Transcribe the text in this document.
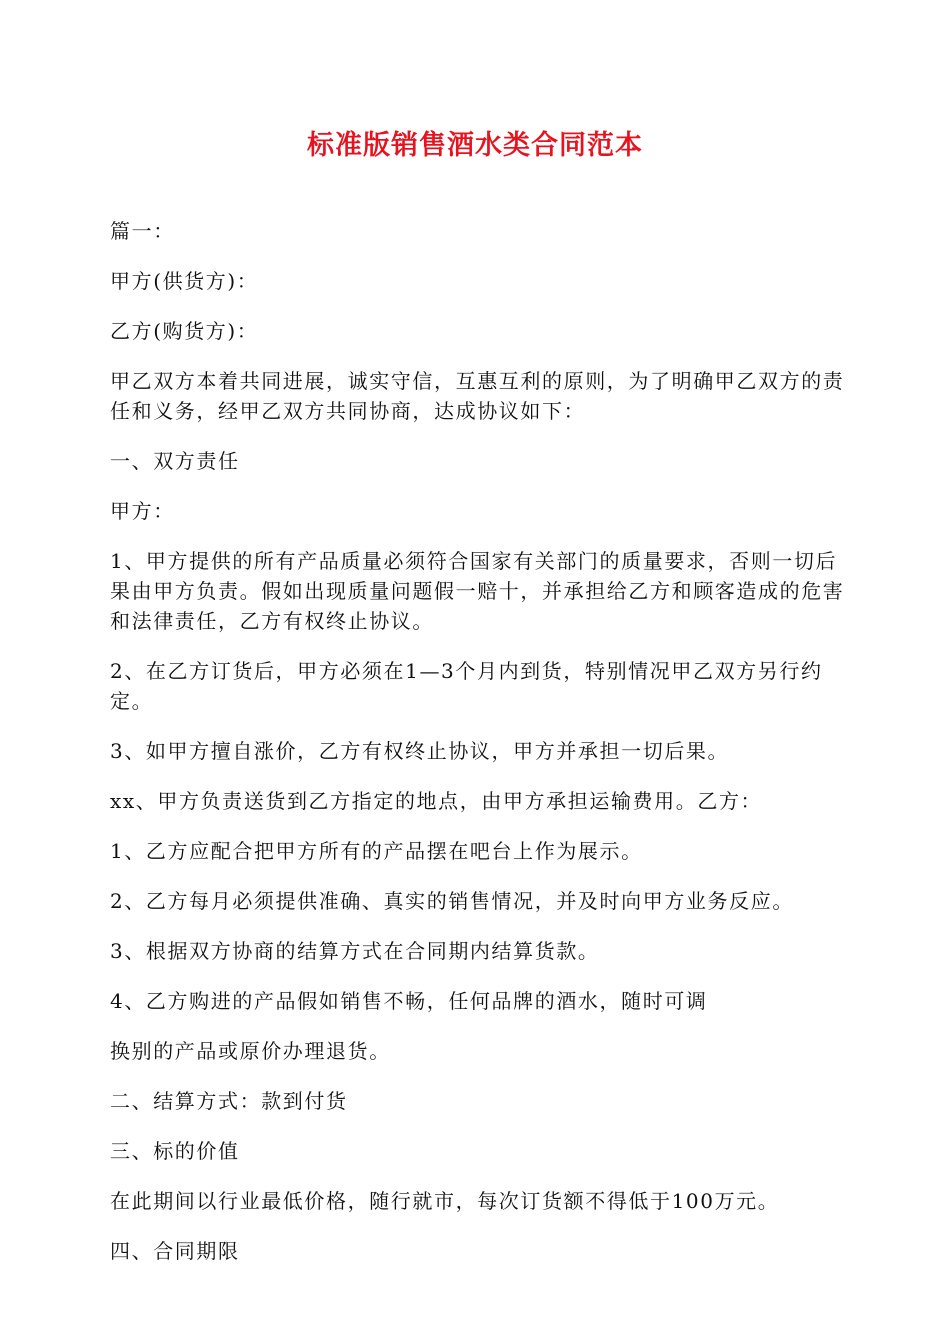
标准版销售酒水类合同范本

篇一：

甲方(供货方)：

乙方(购货方)：

甲乙双方本着共同进展，诚实守信，互惠互利的原则，为了明确甲乙双方的责任和义务，经甲乙双方共同协商，达成协议如下：

一、双方责任

甲方：

1、甲方提供的所有产品质量必须符合国家有关部门的质量要求，否则一切后果由甲方负责。假如出现质量问题假一赔十，并承担给乙方和顾客造成的危害和法律责任，乙方有权终止协议。

2、在乙方订货后，甲方必须在1—3个月内到货，特别情况甲乙双方另行约定。

3、如甲方擅自涨价，乙方有权终止协议，甲方并承担一切后果。

xx、甲方负责送货到乙方指定的地点，由甲方承担运输费用。乙方：

1、乙方应配合把甲方所有的产品摆在吧台上作为展示。

2、乙方每月必须提供准确、真实的销售情况，并及时向甲方业务反应。

3、根据双方协商的结算方式在合同期内结算货款。

4、乙方购进的产品假如销售不畅，任何品牌的酒水，随时可调

换别的产品或原价办理退货。

二、结算方式：款到付货

三、标的价值

在此期间以行业最低价格，随行就市，每次订货额不得低于100万元。

四、合同期限
